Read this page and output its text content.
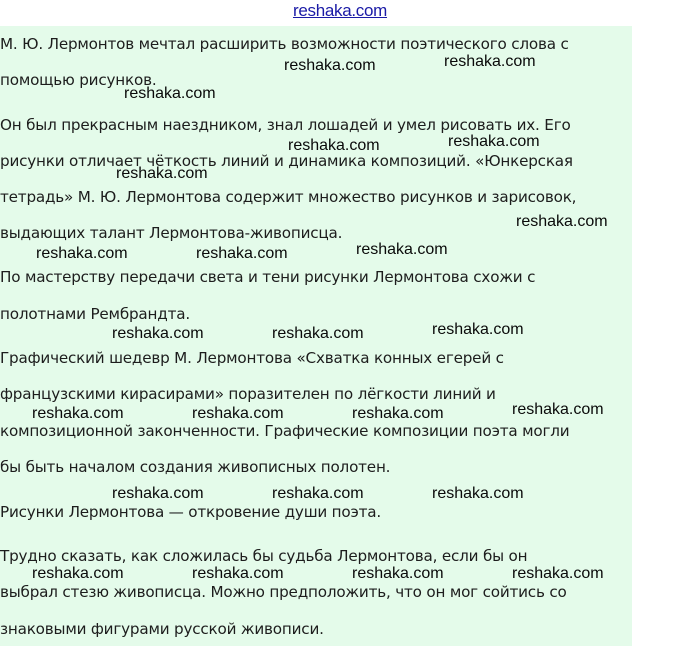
reshaka.com
М. Ю. Лермонтов мечтал расширить возможности поэтического слова с
помощью рисунков.
Он был прекрасным наездником, знал лошадей и умел рисовать их. Его
рисунки отличает чёткость линий и динамика композиций. «Юнкерская
тетрадь» М. Ю. Лермонтова содержит множество рисунков и зарисовок,
выдающих талант Лермонтова-живописца.
По мастерству передачи света и тени рисунки Лермонтова схожи с
полотнами Рембрандта.
Графический шедевр М. Лермонтова «Схватка конных егерей с
французскими кирасирами» поразителен по лёгкости линий и
композиционной законченности. Графические композиции поэта могли
бы быть началом создания живописных полотен.
Рисунки Лермонтова — откровение души поэта.
Трудно сказать, как сложилась бы судьба Лермонтова, если бы он
выбрал стезю живописца. Можно предположить, что он мог сойтись со
знаковыми фигурами русской живописи.
reshaka.com	reshaka.com
reshaka.com
reshaka.com	reshaka.com
reshaka.com
reshaka.com
reshaka.com	reshaka.com	reshaka.com
reshaka.com	reshaka.com	reshaka.com
reshaka.com	reshaka.com	reshaka.com	reshaka.com
reshaka.com	reshaka.com	reshaka.com
reshaka.com	reshaka.com	reshaka.com	reshaka.com
